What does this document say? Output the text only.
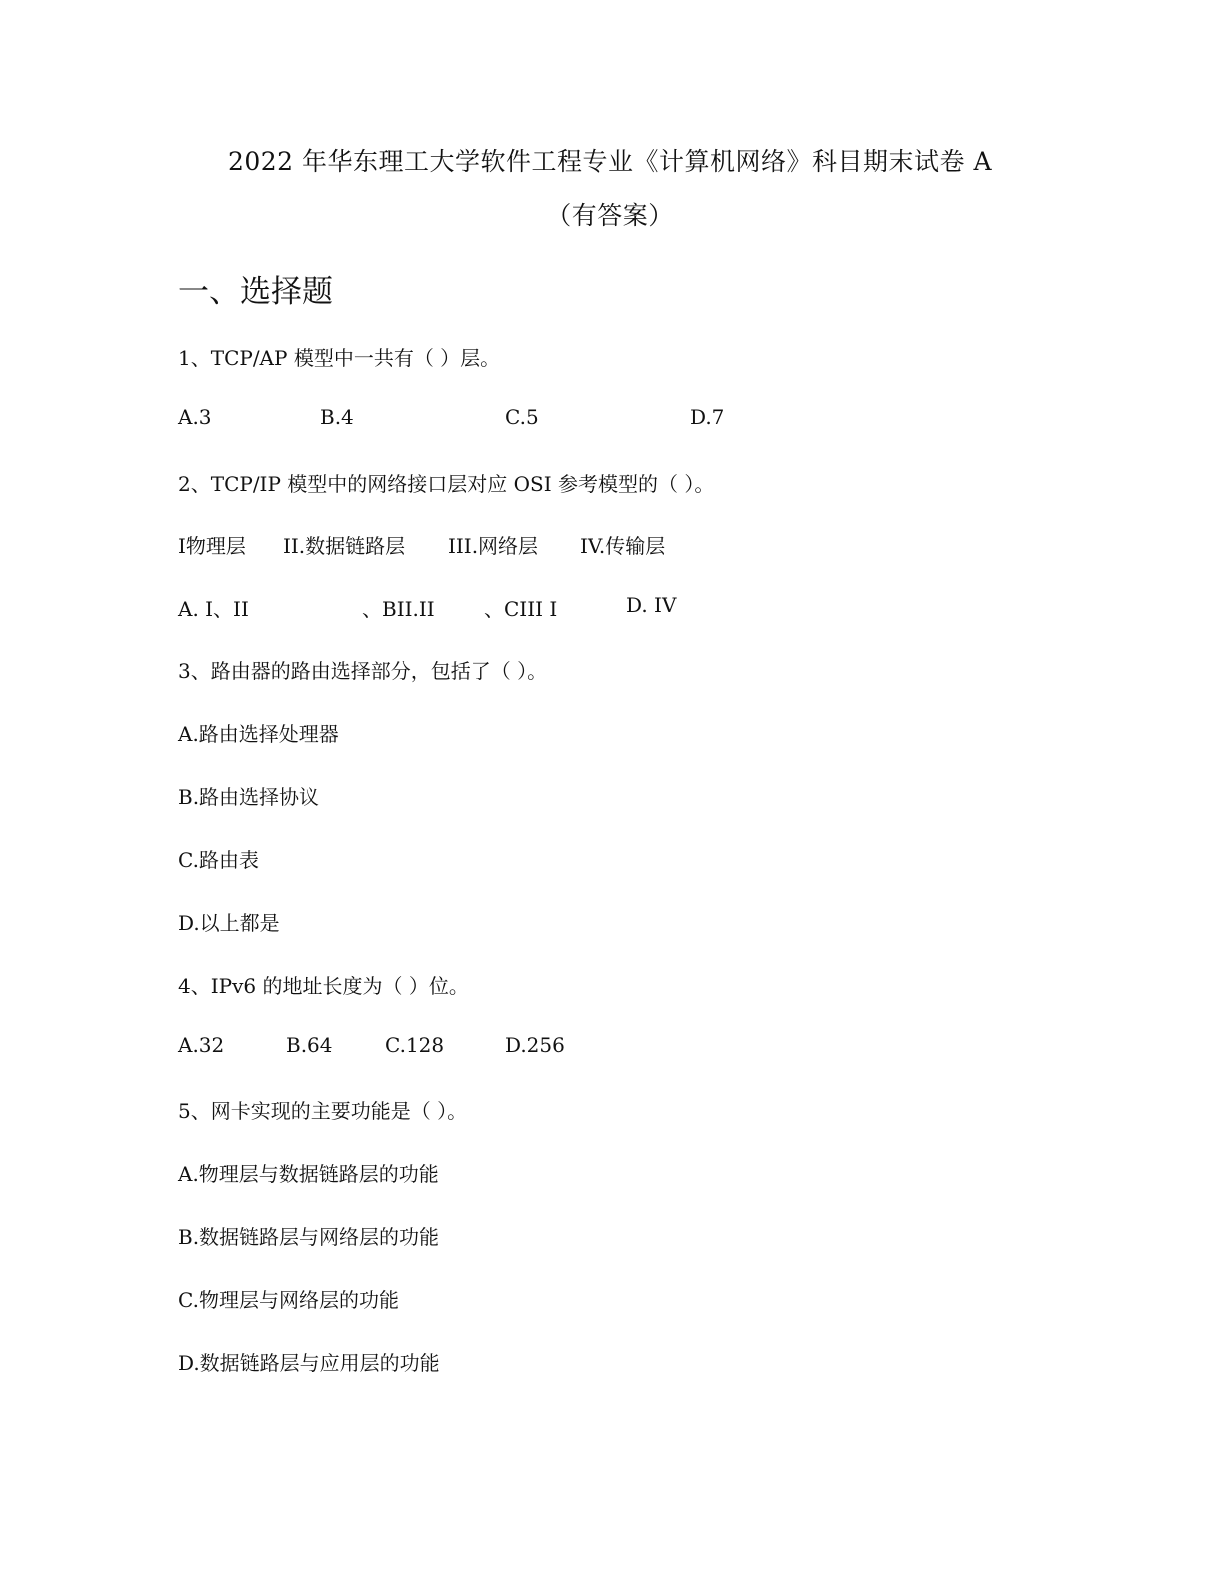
2022 年华东理工大学软件工程专业《计算机网络》科目期末试卷 A
（有答案）
一、选择题
1、TCP/AP 模型中一共有（ ）层。
A.3	B.4	C.5	D.7
2、TCP/IP 模型中的网络接口层对应 OSI 参考模型的（ ）。
I物理层 II.数据链路层 III.网络层 IV.传输层
A. I、II	、BII.II 、CIII I	D. IV
3、路由器的路由选择部分，包括了（ ）。
A.路由选择处理器
B.路由选择协议
C.路由表
D.以上都是
4、IPv6 的地址长度为（ ）位。
A.32	B.64	C.128	D.256
5、网卡实现的主要功能是（ ）。
A.物理层与数据链路层的功能
B.数据链路层与网络层的功能
C.物理层与网络层的功能
D.数据链路层与应用层的功能
